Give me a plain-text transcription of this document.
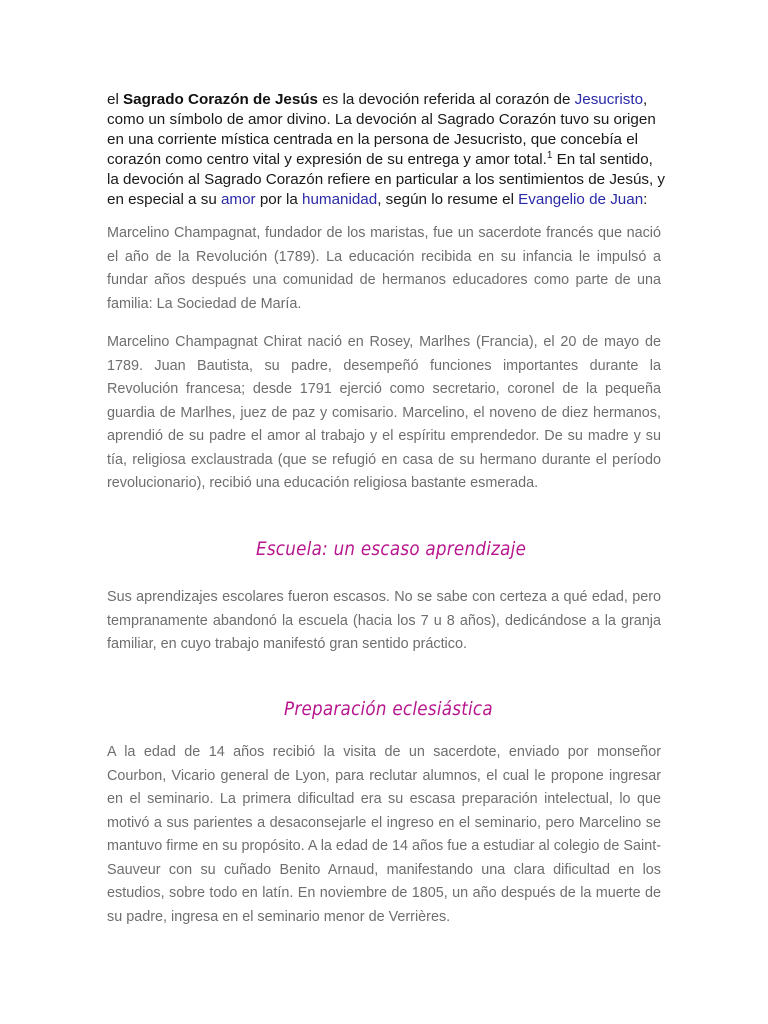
el Sagrado Corazón de Jesús es la devoción referida al corazón de Jesucristo, como un símbolo de amor divino. La devoción al Sagrado Corazón tuvo su origen en una corriente mística centrada en la persona de Jesucristo, que concebía el corazón como centro vital y expresión de su entrega y amor total.$^1$ En tal sentido, la devoción al Sagrado Corazón refiere en particular a los sentimientos de Jesús, y en especial a su amor por la humanidad, según lo resume el Evangelio de Juan:

Marcelino Champagnat, fundador de los maristas, fue un sacerdote francés que nació el año de la Revolución (1789). La educación recibida en su infancia le impulsó a fundar años después una comunidad de hermanos educadores como parte de una familia: La Sociedad de María.

Marcelino Champagnat Chirat nació en Rosey, Marlhes (Francia), el 20 de mayo de 1789. Juan Bautista, su padre, desempeñó funciones importantes durante la Revolución francesa; desde 1791 ejerció como secretario, coronel de la pequeña guardia de Marlhes, juez de paz y comisario. Marcelino, el noveno de diez hermanos, aprendió de su padre el amor al trabajo y el espíritu emprendedor. De su madre y su tía, religiosa exclaustrada (que se refugió en casa de su hermano durante el período revolucionario), recibió una educación religiosa bastante esmerada.

Escuela: un escaso aprendizaje

Sus aprendizajes escolares fueron escasos. No se sabe con certeza a qué edad, pero tempranamente abandonó la escuela (hacia los 7 u 8 años), dedicándose a la granja familiar, en cuyo trabajo manifestó gran sentido práctico.

Preparación eclesiástica

A la edad de 14 años recibió la visita de un sacerdote, enviado por monseñor Courbon, Vicario general de Lyon, para reclutar alumnos, el cual le propone ingresar en el seminario. La primera dificultad era su escasa preparación intelectual, lo que motivó a sus parientes a desaconsejarle el ingreso en el seminario, pero Marcelino se mantuvo firme en su propósito. A la edad de 14 años fue a estudiar al colegio de Saint-Sauveur con su cuñado Benito Arnaud, manifestando una clara dificultad en los estudios, sobre todo en latín. En noviembre de 1805, un año después de la muerte de su padre, ingresa en el seminario menor de Verrières.
